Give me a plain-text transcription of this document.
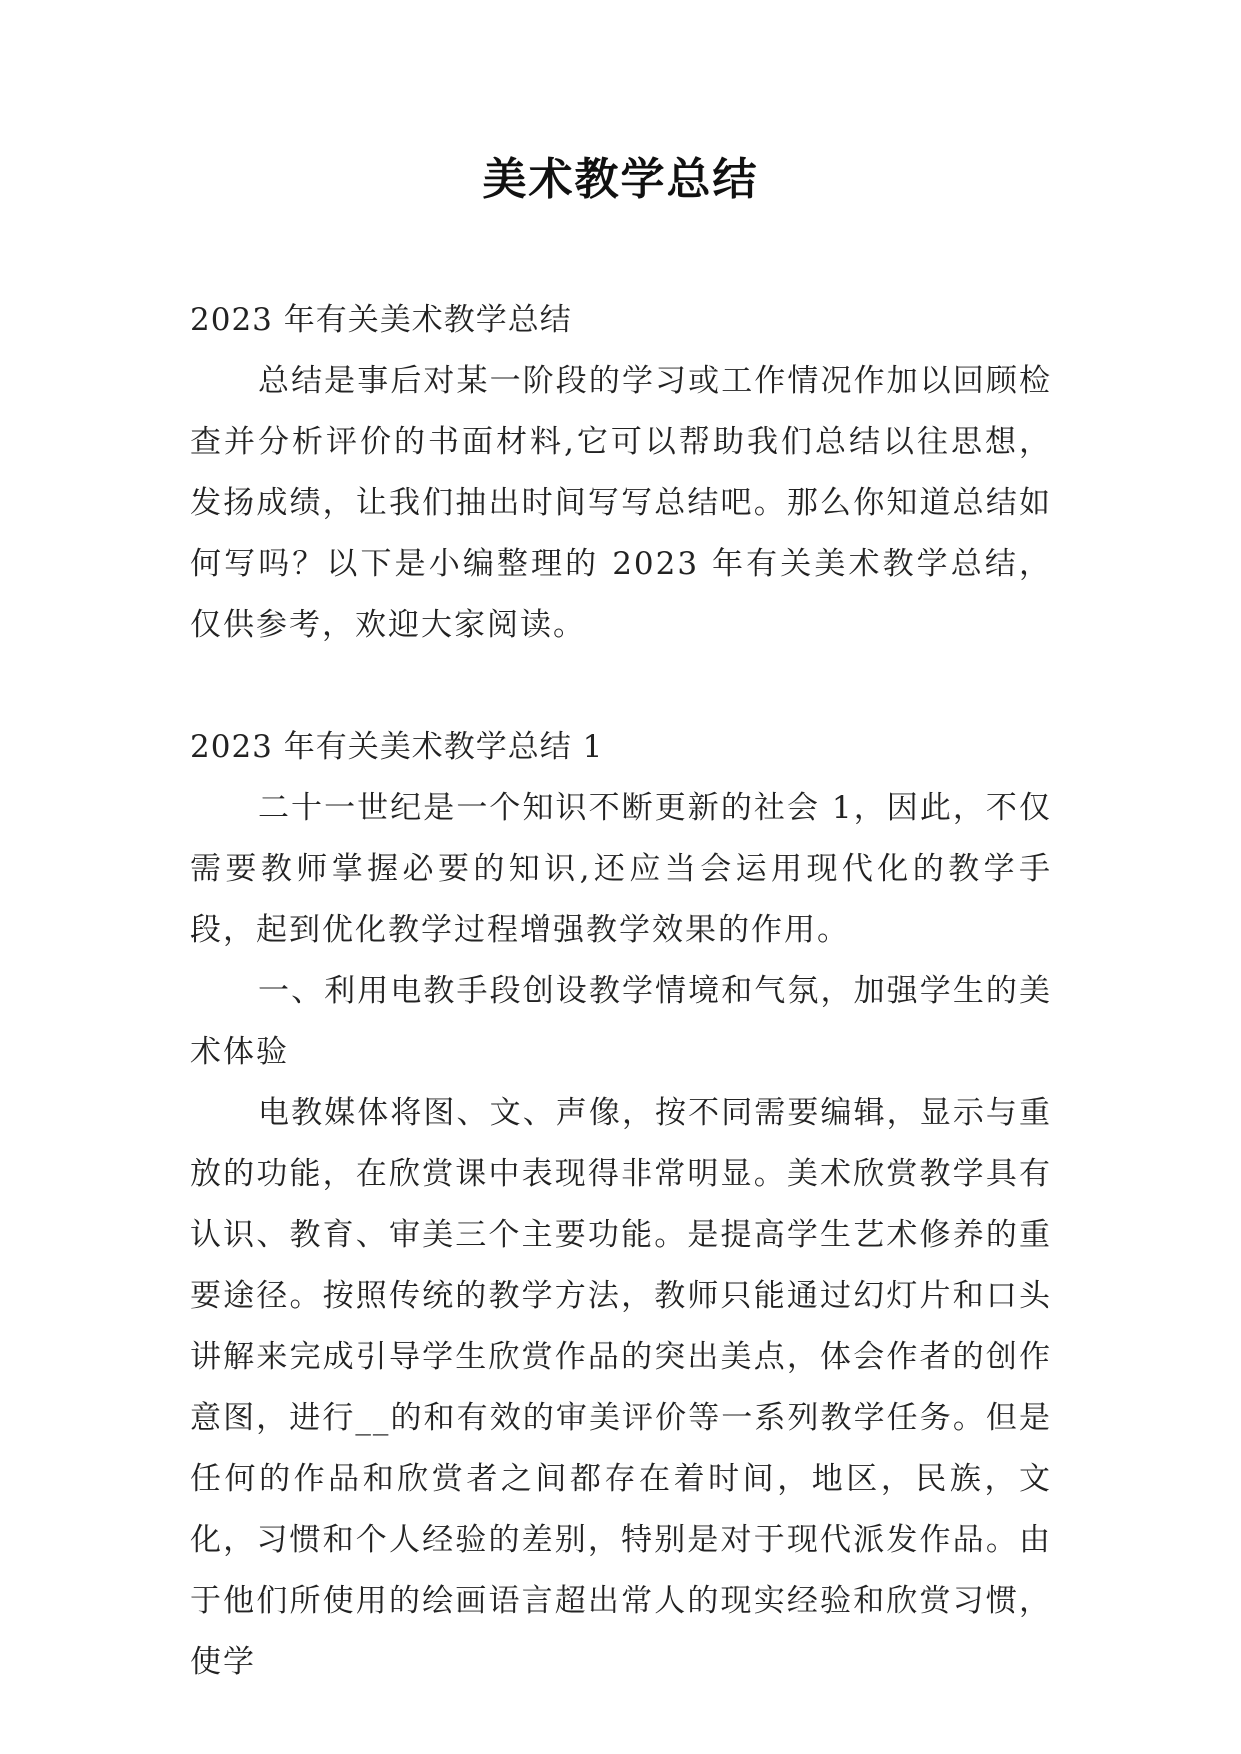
美术教学总结

2023 年有关美术教学总结

总结是事后对某一阶段的学习或工作情况作加以回顾检查并分析评价的书面材料,它可以帮助我们总结以往思想，发扬成绩，让我们抽出时间写写总结吧。那么你知道总结如何写吗？以下是小编整理的 2023 年有关美术教学总结，仅供参考，欢迎大家阅读。

2023 年有关美术教学总结 1

二十一世纪是一个知识不断更新的社会 1，因此，不仅需要教师掌握必要的知识,还应当会运用现代化的教学手段，起到优化教学过程增强教学效果的作用。

一、利用电教手段创设教学情境和气氛，加强学生的美术体验

电教媒体将图、文、声像，按不同需要编辑，显示与重放的功能，在欣赏课中表现得非常明显。美术欣赏教学具有认识、教育、审美三个主要功能。是提高学生艺术修养的重要途径。按照传统的教学方法，教师只能通过幻灯片和口头讲解来完成引导学生欣赏作品的突出美点，体会作者的创作意图，进行__的和有效的审美评价等一系列教学任务。但是任何的作品和欣赏者之间都存在着时间，地区，民族，文化，习惯和个人经验的差别，特别是对于现代派发作品。由于他们所使用的绘画语言超出常人的现实经验和欣赏习惯，使学
